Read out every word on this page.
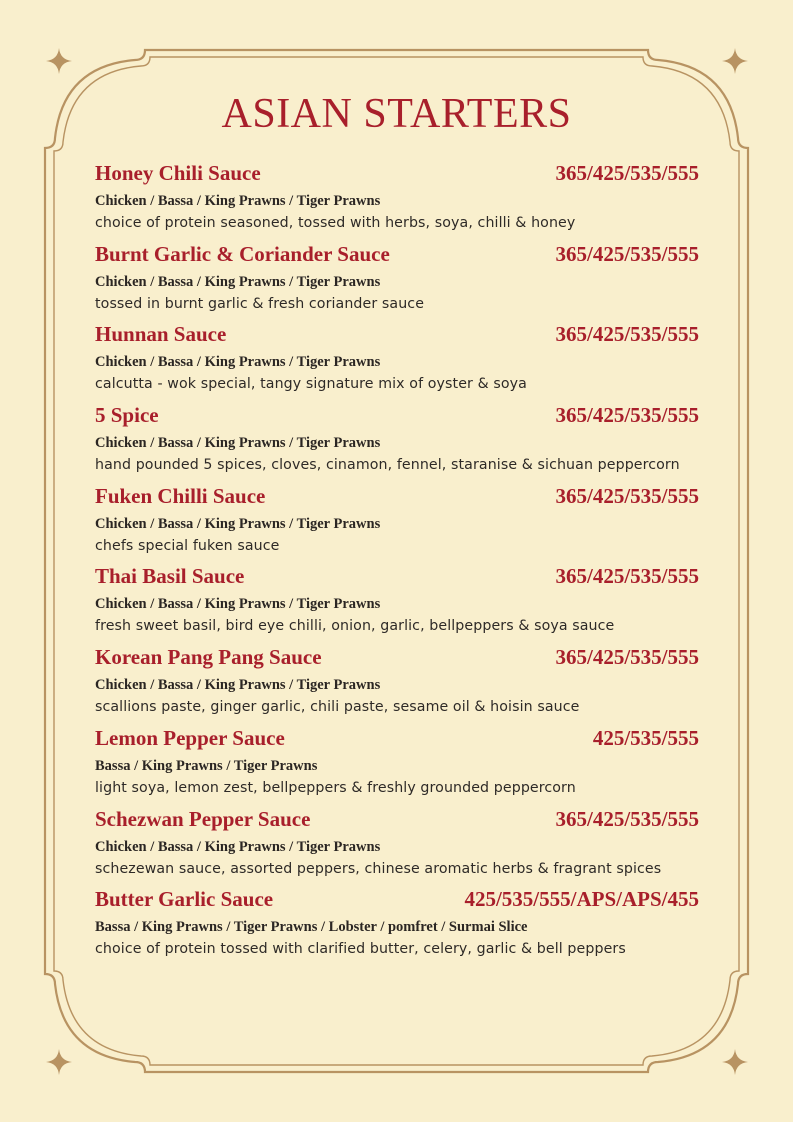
ASIAN STARTERS
Honey Chili Sauce	365/425/535/555
Chicken / Bassa / King Prawns / Tiger Prawns
choice of protein seasoned, tossed with herbs, soya, chilli & honey
Burnt Garlic & Coriander Sauce	365/425/535/555
Chicken / Bassa / King Prawns / Tiger Prawns
tossed in burnt garlic & fresh coriander sauce
Hunnan Sauce	365/425/535/555
Chicken / Bassa / King Prawns / Tiger Prawns
calcutta - wok special, tangy signature mix of oyster & soya
5 Spice	365/425/535/555
Chicken / Bassa / King Prawns / Tiger Prawns
hand pounded 5 spices, cloves, cinamon, fennel, staranise & sichuan peppercorn
Fuken Chilli Sauce	365/425/535/555
Chicken / Bassa / King Prawns / Tiger Prawns
chefs special fuken sauce
Thai Basil Sauce	365/425/535/555
Chicken / Bassa / King Prawns / Tiger Prawns
fresh sweet basil, bird eye chilli, onion, garlic, bellpeppers & soya sauce
Korean Pang Pang Sauce	365/425/535/555
Chicken / Bassa / King Prawns / Tiger Prawns
scallions paste, ginger garlic, chili paste, sesame oil & hoisin sauce
Lemon Pepper Sauce	425/535/555
Bassa / King Prawns / Tiger Prawns
light soya, lemon zest, bellpeppers & freshly grounded peppercorn
Schezwan Pepper Sauce	365/425/535/555
Chicken / Bassa / King Prawns / Tiger Prawns
schezewan sauce, assorted peppers, chinese aromatic herbs & fragrant spices
Butter Garlic Sauce	425/535/555/APS/APS/455
Bassa / King Prawns / Tiger Prawns / Lobster / pomfret / Surmai Slice
choice of protein tossed with clarified butter, celery, garlic & bell peppers
